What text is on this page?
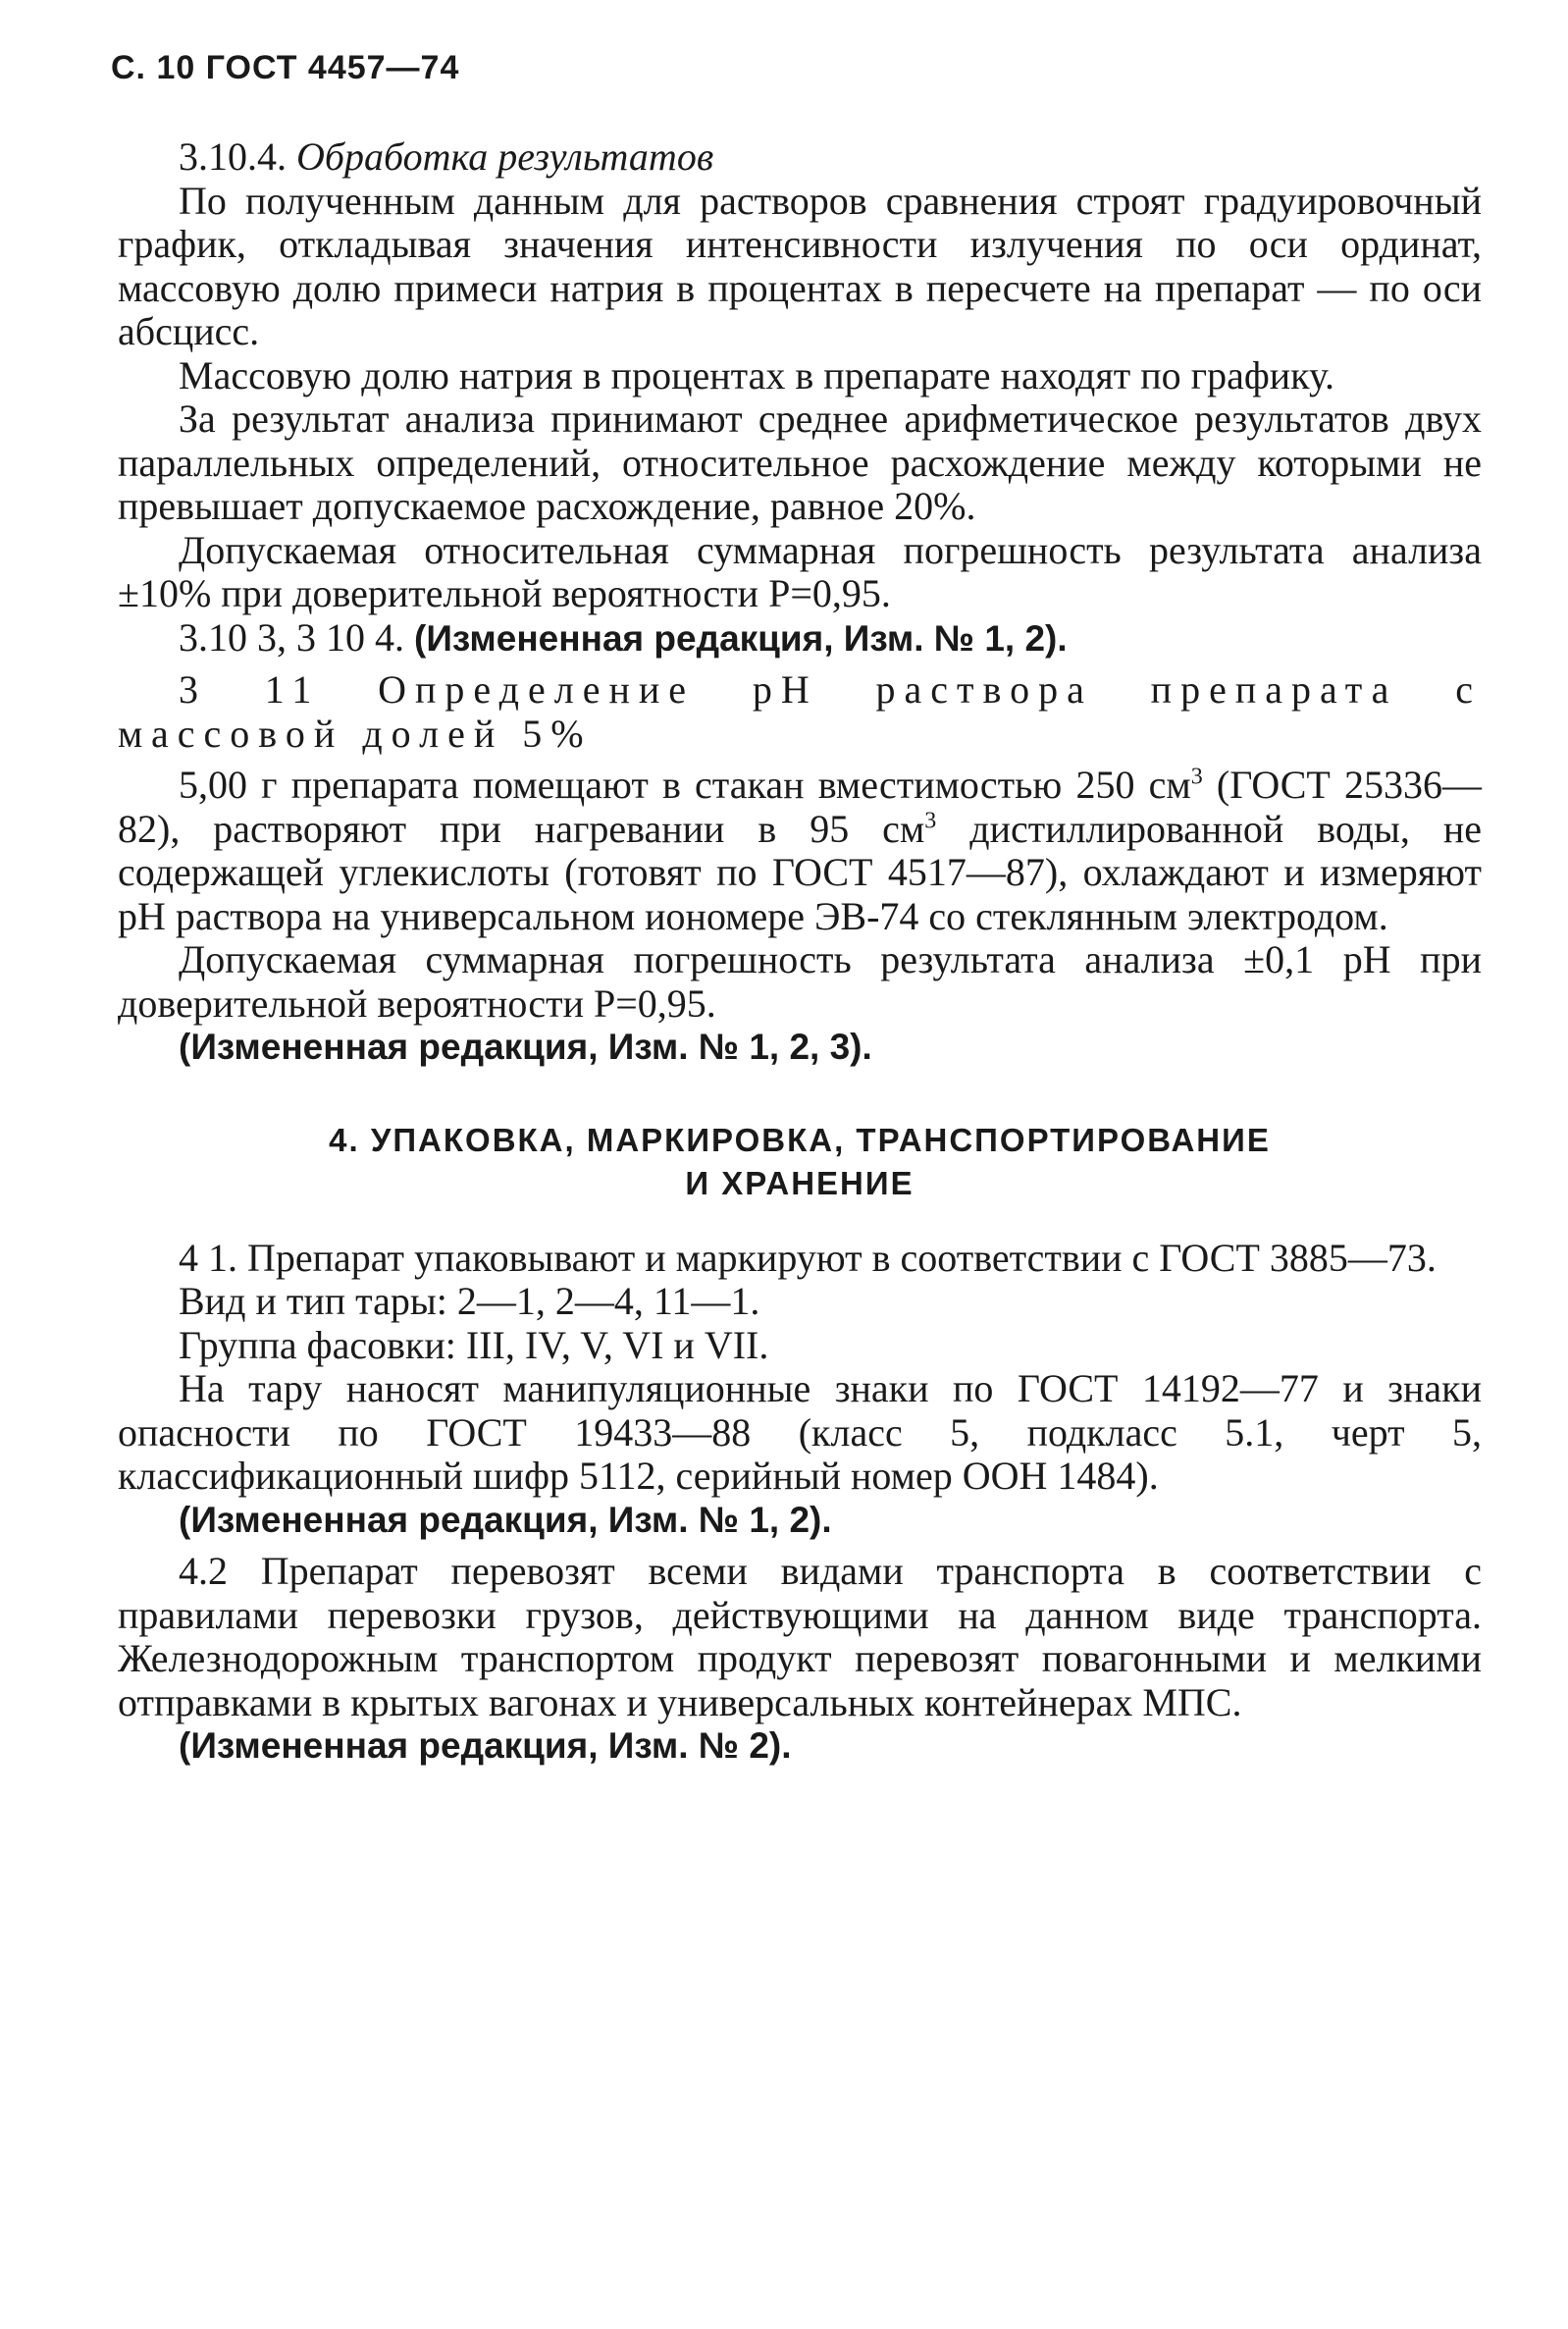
С. 10 ГОСТ 4457—74

3.10.4. Обработка результатов

По полученным данным для растворов сравнения строят градуировочный график, откладывая значения интенсивности излучения по оси ординат, массовую долю примеси натрия в процентах в пересчете на препарат — по оси абсцисс.

Массовую долю натрия в процентах в препарате находят по графику.

За результат анализа принимают среднее арифметическое результатов двух параллельных определений, относительное расхождение между которыми не превышает допускаемое расхождение, равное 20%.

Допускаемая относительная суммарная погрешность результата анализа ±10% при доверительной вероятности Р=0,95.

3.10 3, 3 10 4. (Измененная редакция, Изм. № 1, 2).

3 11 Определение рН раствора препарата с массовой долей 5%

5,00 г препарата помещают в стакан вместимостью 250 $см^3$ (ГОСТ 25336—82), растворяют при нагревании в 95 $см^3$ дистиллированной воды, не содержащей углекислоты (готовят по ГОСТ 4517—87), охлаждают и измеряют рН раствора на универсальном иономере ЭВ-74 со стеклянным электродом.

Допускаемая суммарная погрешность результата анализа ±0,1 рН при доверительной вероятности Р=0,95.

(Измененная редакция, Изм. № 1, 2, 3).

4. УПАКОВКА, МАРКИРОВКА, ТРАНСПОРТИРОВАНИЕ
И ХРАНЕНИЕ

4 1. Препарат упаковывают и маркируют в соответствии с ГОСТ 3885—73.

Вид и тип тары: 2—1, 2—4, 11—1.

Группа фасовки: III, IV, V, VI и VII.

На тару наносят манипуляционные знаки по ГОСТ 14192—77 и знаки опасности по ГОСТ 19433—88 (класс 5, подкласс 5.1, черт 5, классификационный шифр 5112, серийный номер ООН 1484).

(Измененная редакция, Изм. № 1, 2).

4.2 Препарат перевозят всеми видами транспорта в соответствии с правилами перевозки грузов, действующими на данном виде транспорта. Железнодорожным транспортом продукт перевозят повагонными и мелкими отправками в крытых вагонах и универсальных контейнерах МПС.

(Измененная редакция, Изм. № 2).
